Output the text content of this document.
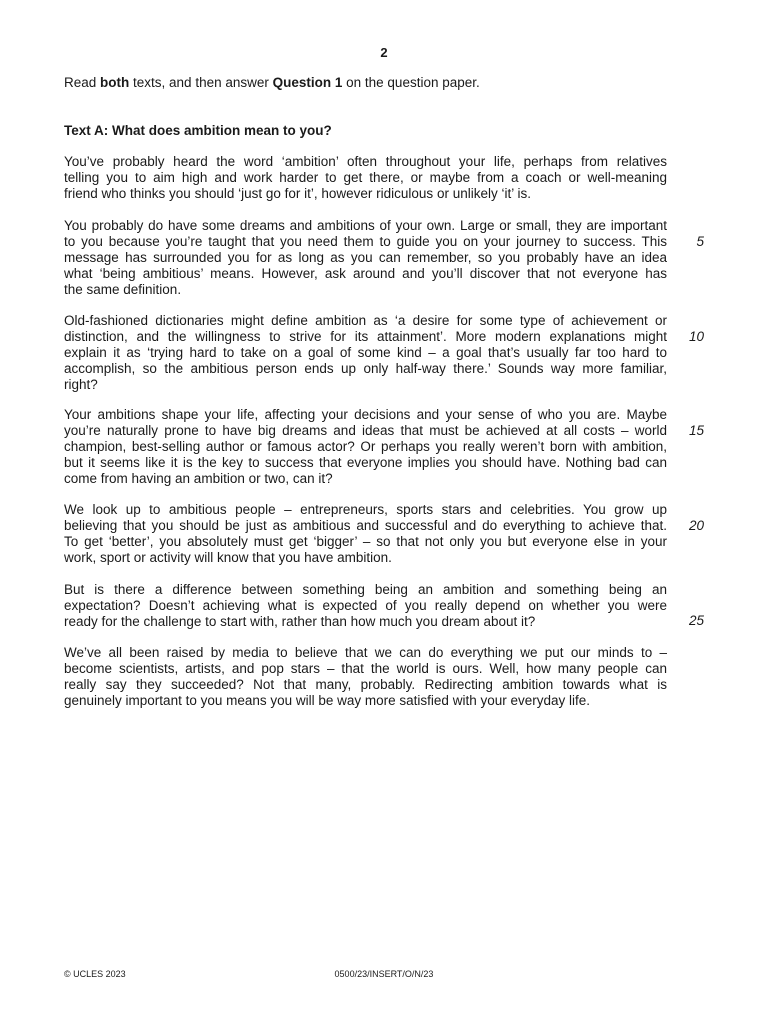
2
Read both texts, and then answer Question 1 on the question paper.
Text A: What does ambition mean to you?
You’ve probably heard the word ‘ambition’ often throughout your life, perhaps from relatives
telling you to aim high and work harder to get there, or maybe from a coach or well-meaning
friend who thinks you should ‘just go for it’, however ridiculous or unlikely ‘it’ is.
You probably do have some dreams and ambitions of your own. Large or small, they are important
to you because you’re taught that you need them to guide you on your journey to success. This
message has surrounded you for as long as you can remember, so you probably have an idea
what ‘being ambitious’ means. However, ask around and you’ll discover that not everyone has
the same definition.
Old-fashioned dictionaries might define ambition as ‘a desire for some type of achievement or
distinction, and the willingness to strive for its attainment’. More modern explanations might
explain it as ‘trying hard to take on a goal of some kind – a goal that’s usually far too hard to
accomplish, so the ambitious person ends up only half-way there.’ Sounds way more familiar,
right?
Your ambitions shape your life, affecting your decisions and your sense of who you are. Maybe
you’re naturally prone to have big dreams and ideas that must be achieved at all costs – world
champion, best-selling author or famous actor? Or perhaps you really weren’t born with ambition,
but it seems like it is the key to success that everyone implies you should have. Nothing bad can
come from having an ambition or two, can it?
We look up to ambitious people – entrepreneurs, sports stars and celebrities. You grow up
believing that you should be just as ambitious and successful and do everything to achieve that.
To get ‘better’, you absolutely must get ‘bigger’ – so that not only you but everyone else in your
work, sport or activity will know that you have ambition.
But is there a difference between something being an ambition and something being an
expectation? Doesn’t achieving what is expected of you really depend on whether you were
ready for the challenge to start with, rather than how much you dream about it?
We’ve all been raised by media to believe that we can do everything we put our minds to –
become scientists, artists, and pop stars – that the world is ours. Well, how many people can
really say they succeeded? Not that many, probably. Redirecting ambition towards what is
genuinely important to you means you will be way more satisfied with your everyday life.
5
10
15
20
25
© UCLES 2023	0500/23/INSERT/O/N/23
